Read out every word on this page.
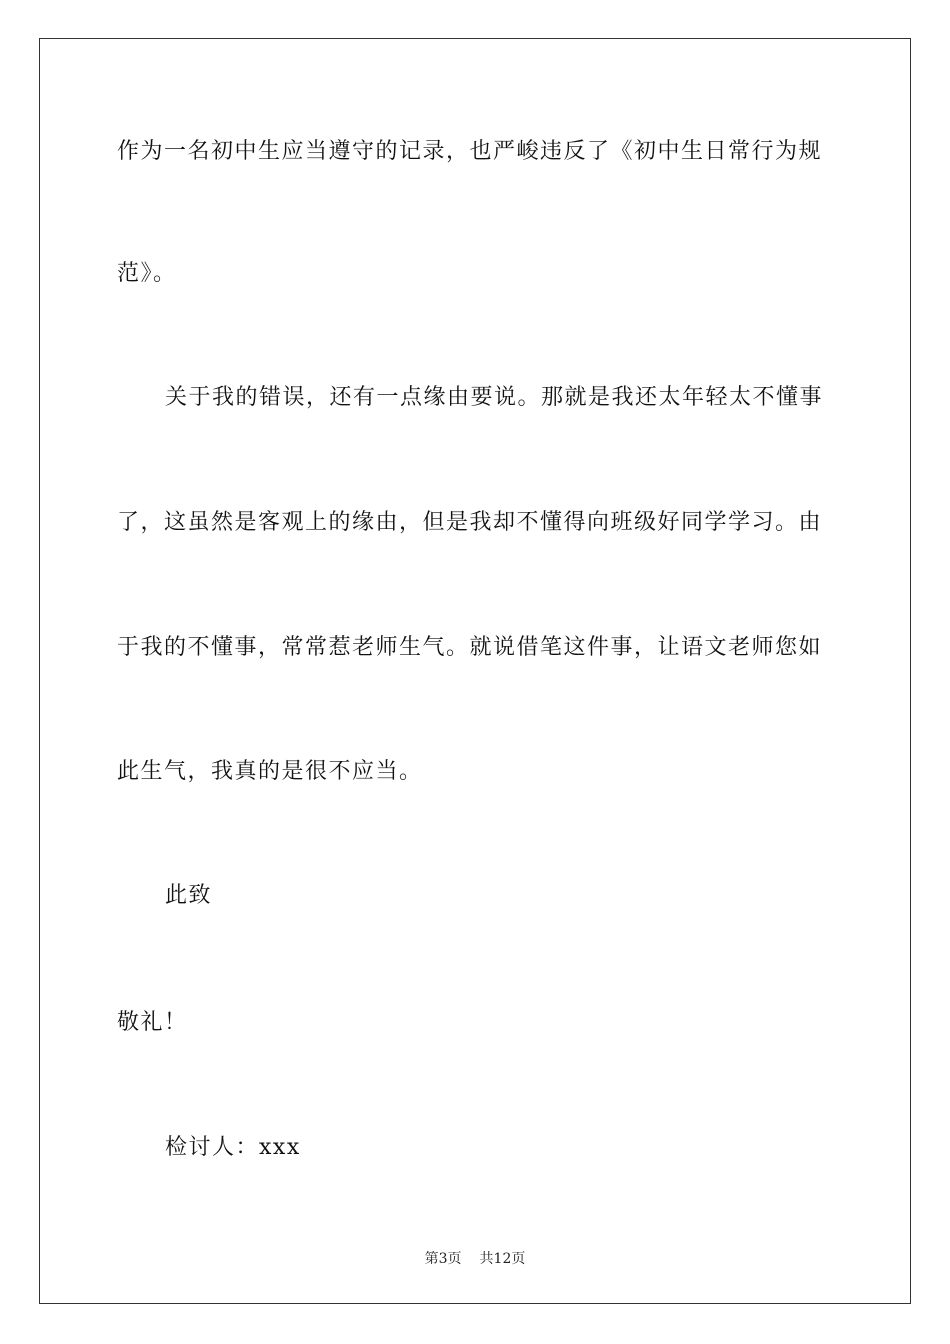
作为一名初中生应当遵守的记录，也严峻违反了《初中生日常行为规
范》。
关于我的错误，还有一点缘由要说。那就是我还太年轻太不懂事
了，这虽然是客观上的缘由，但是我却不懂得向班级好同学学习。由
于我的不懂事，常常惹老师生气。就说借笔这件事，让语文老师您如
此生气，我真的是很不应当。
此致
敬礼！
检讨人：xxx
第3页 共12页
